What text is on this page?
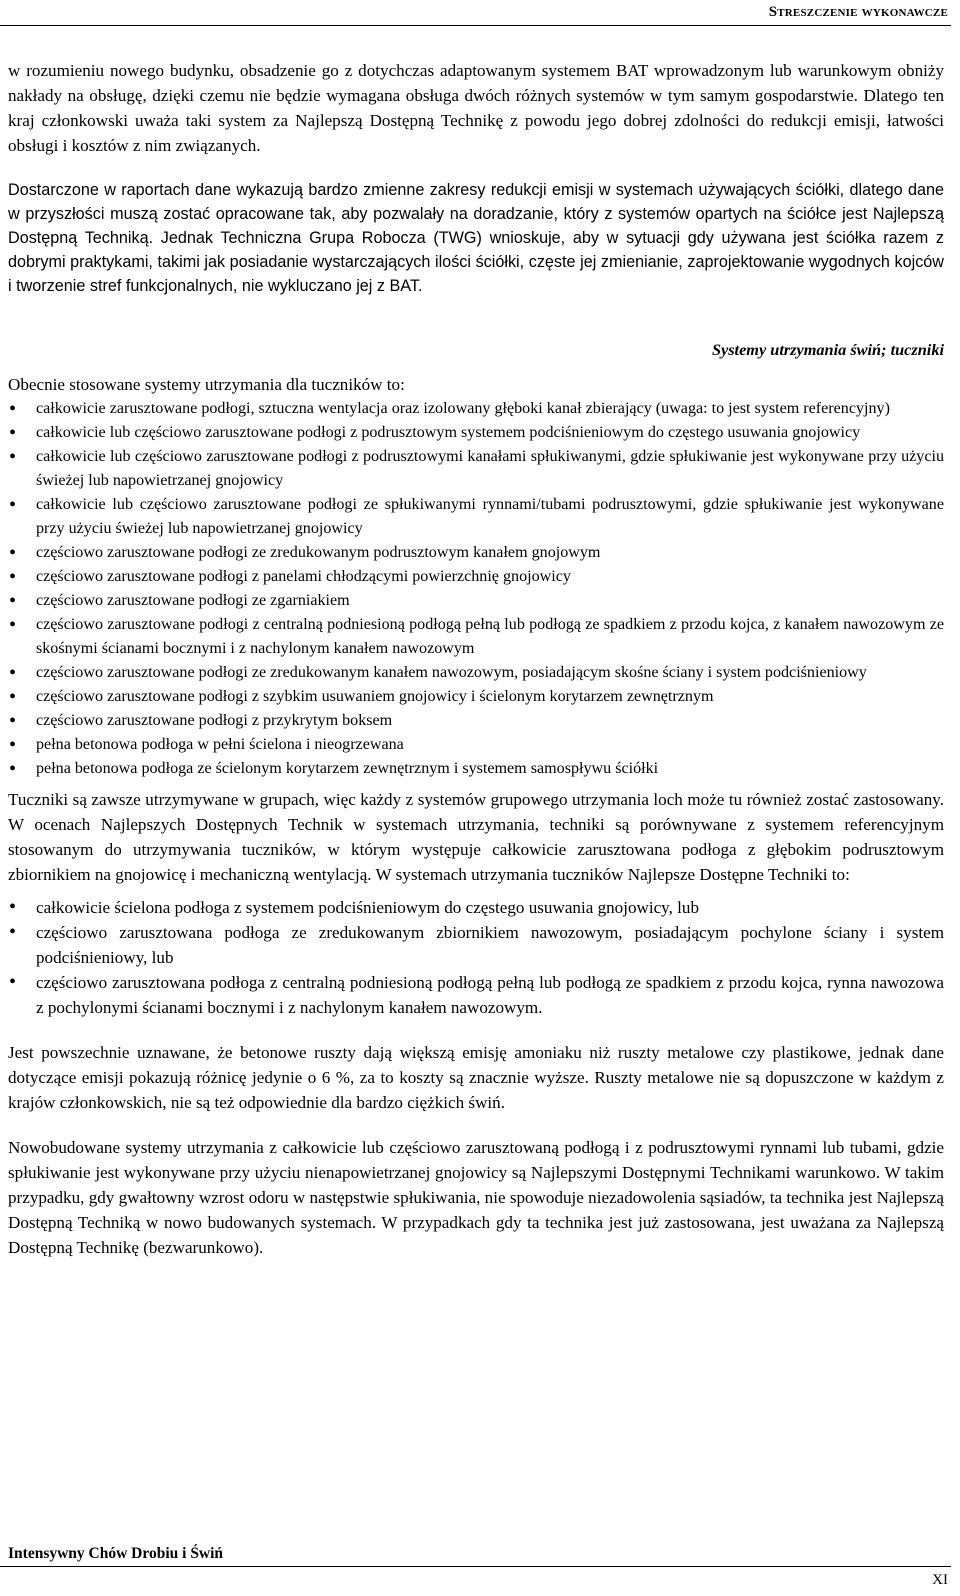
Streszczenie wykonawcze

w rozumieniu nowego budynku, obsadzenie go z dotychczas adaptowanym systemem BAT wprowadzonym lub warunkowym obniży nakłady na obsługę, dzięki czemu nie będzie wymagana obsługa dwóch różnych systemów w tym samym gospodarstwie. Dlatego ten kraj członkowski uważa taki system za Najlepszą Dostępną Technikę z powodu jego dobrej zdolności do redukcji emisji, łatwości obsługi i kosztów z nim związanych.

Dostarczone w raportach dane wykazują bardzo zmienne zakresy redukcji emisji w systemach używających ściółki, dlatego dane w przyszłości muszą zostać opracowane tak, aby pozwalały na doradzanie, który z systemów opartych na ściółce jest Najlepszą Dostępną Techniką. Jednak Techniczna Grupa Robocza (TWG) wnioskuje, aby w sytuacji gdy używana jest ściółka razem z dobrymi praktykami, takimi jak posiadanie wystarczających ilości ściółki, częste jej zmienianie, zaprojektowanie wygodnych kojców i tworzenie stref funkcjonalnych, nie wykluczano jej z BAT.

Systemy utrzymania świń; tuczniki

Obecnie stosowane systemy utrzymania dla tuczników to:

• całkowicie zarusztowane podłogi, sztuczna wentylacja oraz izolowany głęboki kanał zbierający (uwaga: to jest system referencyjny)
• całkowicie lub częściowo zarusztowane podłogi z podrusztowym systemem podciśnieniowym do częstego usuwania gnojowicy
• całkowicie lub częściowo zarusztowane podłogi z podrusztowymi kanałami spłukiwanymi, gdzie spłukiwanie jest wykonywane przy użyciu świeżej lub napowietrzanej gnojowicy
• całkowicie lub częściowo zarusztowane podłogi ze spłukiwanymi rynnami/tubami podrusztowymi, gdzie spłukiwanie jest wykonywane przy użyciu świeżej lub napowietrzanej gnojowicy
• częściowo zarusztowane podłogi ze zredukowanym podrusztowym kanałem gnojowym
• częściowo zarusztowane podłogi z panelami chłodzącymi powierzchnię gnojowicy
• częściowo zarusztowane podłogi ze zgarniakiem
• częściowo zarusztowane podłogi z centralną podniesioną podłogą pełną lub podłogą ze spadkiem z przodu kojca, z kanałem nawozowym ze skośnymi ścianami bocznymi i z nachylonym kanałem nawozowym
• częściowo zarusztowane podłogi ze zredukowanym kanałem nawozowym, posiadającym skośne ściany i system podciśnieniowy
• częściowo zarusztowane podłogi z szybkim usuwaniem gnojowicy i ścielonym korytarzem zewnętrznym
• częściowo zarusztowane podłogi z przykrytym boksem
• pełna betonowa podłoga w pełni ścielona i nieogrzewana
• pełna betonowa podłoga ze ścielonym korytarzem zewnętrznym i systemem samospływu ściółki

Tuczniki są zawsze utrzymywane w grupach, więc każdy z systemów grupowego utrzymania loch może tu również zostać zastosowany. W ocenach Najlepszych Dostępnych Technik w systemach utrzymania, techniki są porównywane z systemem referencyjnym stosowanym do utrzymywania tuczników, w którym występuje całkowicie zarusztowana podłoga z głębokim podrusztowym zbiornikiem na gnojowicę i mechaniczną wentylacją. W systemach utrzymania tuczników Najlepsze Dostępne Techniki to:

• całkowicie ścielona podłoga z systemem podciśnieniowym do częstego usuwania gnojowicy, lub
• częściowo zarusztowana podłoga ze zredukowanym zbiornikiem nawozowym, posiadającym pochylone ściany i system podciśnieniowy, lub
• częściowo zarusztowana podłoga z centralną podniesioną podłogą pełną lub podłogą ze spadkiem z przodu kojca, rynna nawozowa z pochylonymi ścianami bocznymi i z nachylonym kanałem nawozowym.

Jest powszechnie uznawane, że betonowe ruszty dają większą emisję amoniaku niż ruszty metalowe czy plastikowe, jednak dane dotyczące emisji pokazują różnicę jedynie o 6 %, za to koszty są znacznie wyższe. Ruszty metalowe nie są dopuszczone w każdym z krajów członkowskich, nie są też odpowiednie dla bardzo ciężkich świń.

Nowobudowane systemy utrzymania z całkowicie lub częściowo zarusztowaną podłogą i z podrusztowymi rynnami lub tubami, gdzie spłukiwanie jest wykonywane przy użyciu nienapowietrzanej gnojowicy są Najlepszymi Dostępnymi Technikami warunkowo. W takim przypadku, gdy gwałtowny wzrost odoru w następstwie spłukiwania, nie spowoduje niezadowolenia sąsiadów, ta technika jest Najlepszą Dostępną Techniką w nowo budowanych systemach. W przypadkach gdy ta technika jest już zastosowana, jest uważana za Najlepszą Dostępną Technikę (bezwarunkowo).

Intensywny Chów Drobiu i Świń
XI
